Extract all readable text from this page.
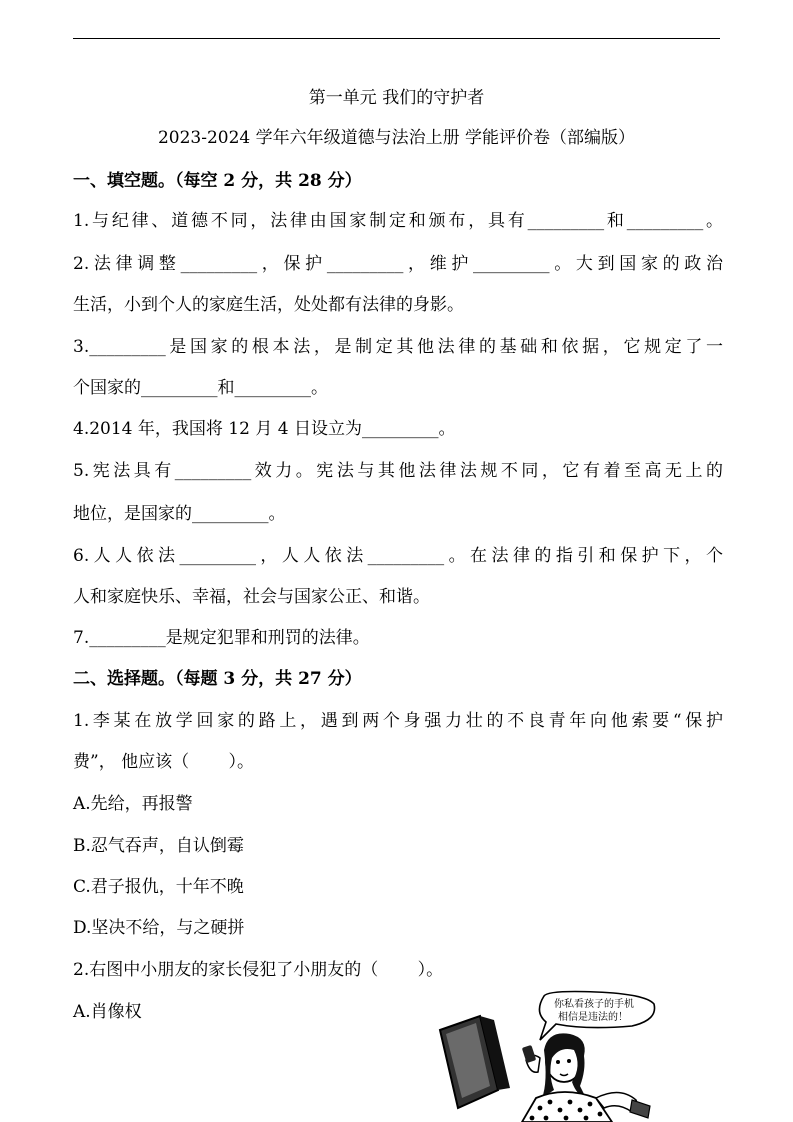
第一单元 我们的守护者
2023-2024 学年六年级道德与法治上册 学能评价卷（部编版）
一、填空题。（每空 2 分，共 28 分）
1.与纪律、道德不同，法律由国家制定和颁布，具有_________和_________。
2.法律调整_________，保护_________，维护_________。大到国家的政治
生活，小到个人的家庭生活，处处都有法律的身影。
3._________是国家的根本法，是制定其他法律的基础和依据，它规定了一
个国家的_________和_________。
4.2014 年，我国将 12 月 4 日设立为_________。
5.宪法具有_________效力。宪法与其他法律法规不同，它有着至高无上的
地位，是国家的_________。
6.人人依法_________，人人依法_________。在法律的指引和保护下，个
人和家庭快乐、幸福，社会与国家公正、和谐。
7._________是规定犯罪和刑罚的法律。
二、选择题。（每题 3 分，共 27 分）
1.李某在放学回家的路上，遇到两个身强力壮的不良青年向他索要“保护
费”， 他应该（　　 ）。
A.先给，再报警
B.忍气吞声，自认倒霉
C.君子报仇，十年不晚
D.坚决不给，与之硬拼
2.右图中小朋友的家长侵犯了小朋友的（　　 ）。
A.肖像权	你私看孩子的手机 相信是违法的！
